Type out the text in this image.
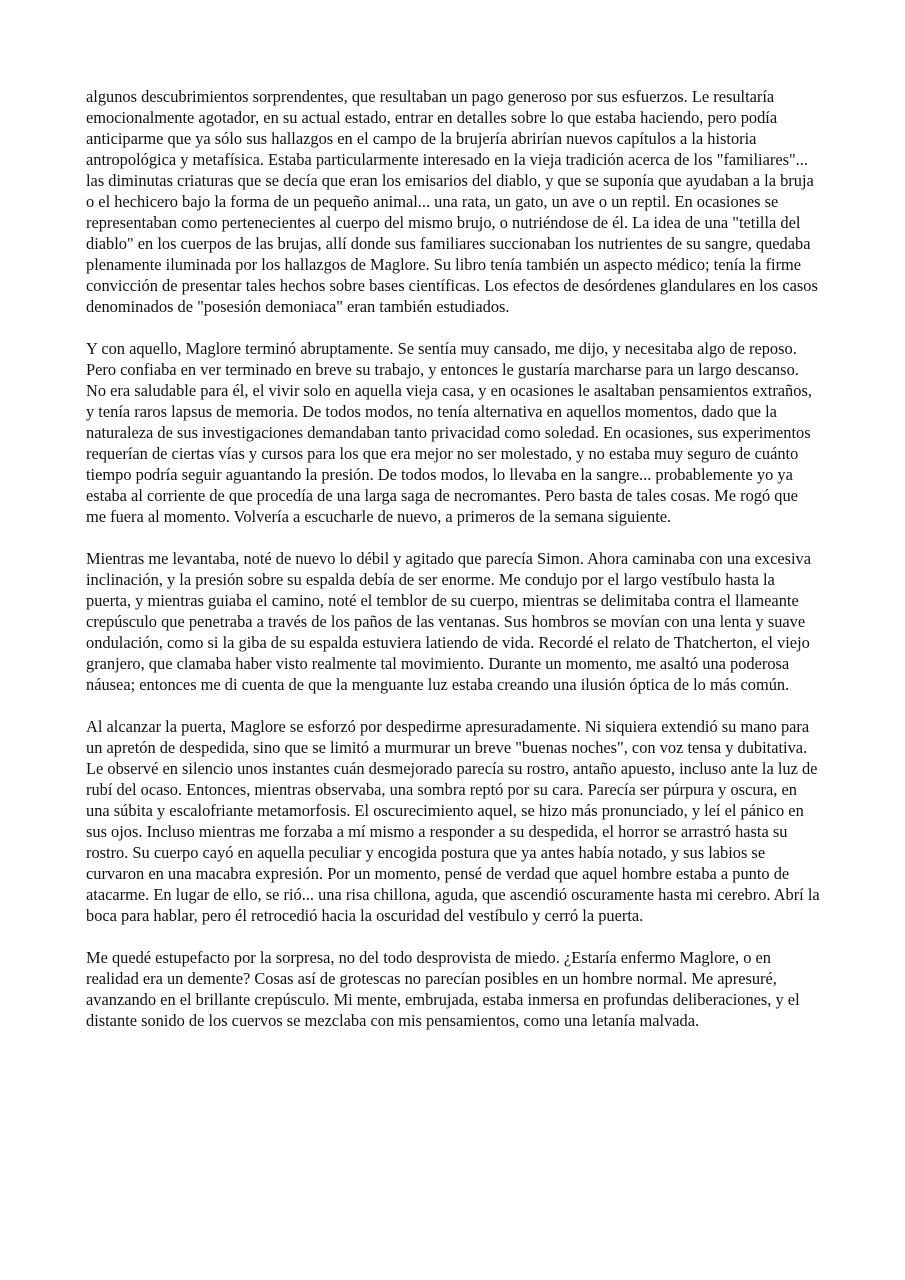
algunos descubrimientos sorprendentes, que resultaban un pago generoso por sus esfuerzos. Le resultaría emocionalmente agotador, en su actual estado, entrar en detalles sobre lo que estaba haciendo, pero podía anticiparme que ya sólo sus hallazgos en el campo de la brujería abrirían nuevos capítulos a la historia antropológica y metafísica. Estaba particularmente interesado en la vieja tradición acerca de los "familiares"... las diminutas criaturas que se decía que eran los emisarios del diablo, y que se suponía que ayudaban a la bruja o el hechicero bajo la forma de un pequeño animal... una rata, un gato, un ave o un reptil. En ocasiones se representaban como pertenecientes al cuerpo del mismo brujo, o nutriéndose de él. La idea de una "tetilla del diablo" en los cuerpos de las brujas, allí donde sus familiares succionaban los nutrientes de su sangre, quedaba plenamente iluminada por los hallazgos de Maglore. Su libro tenía también un aspecto médico; tenía la firme convicción de presentar tales hechos sobre bases científicas. Los efectos de desórdenes glandulares en los casos denominados de "posesión demoniaca" eran también estudiados.

Y con aquello, Maglore terminó abruptamente. Se sentía muy cansado, me dijo, y necesitaba algo de reposo. Pero confiaba en ver terminado en breve su trabajo, y entonces le gustaría marcharse para un largo descanso. No era saludable para él, el vivir solo en aquella vieja casa, y en ocasiones le asaltaban pensamientos extraños, y tenía raros lapsus de memoria. De todos modos, no tenía alternativa en aquellos momentos, dado que la naturaleza de sus investigaciones demandaban tanto privacidad como soledad. En ocasiones, sus experimentos requerían de ciertas vías y cursos para los que era mejor no ser molestado, y no estaba muy seguro de cuánto tiempo podría seguir aguantando la presión. De todos modos, lo llevaba en la sangre... probablemente yo ya estaba al corriente de que procedía de una larga saga de necromantes. Pero basta de tales cosas. Me rogó que me fuera al momento. Volvería a escucharle de nuevo, a primeros de la semana siguiente.

Mientras me levantaba, noté de nuevo lo débil y agitado que parecía Simon. Ahora caminaba con una excesiva inclinación, y la presión sobre su espalda debía de ser enorme. Me condujo por el largo vestíbulo hasta la puerta, y mientras guiaba el camino, noté el temblor de su cuerpo, mientras se delimitaba contra el llameante crepúsculo que penetraba a través de los paños de las ventanas. Sus hombros se movían con una lenta y suave ondulación, como si la giba de su espalda estuviera latiendo de vida. Recordé el relato de Thatcherton, el viejo granjero, que clamaba haber visto realmente tal movimiento. Durante un momento, me asaltó una poderosa náusea; entonces me di cuenta de que la menguante luz estaba creando una ilusión óptica de lo más común.

Al alcanzar la puerta, Maglore se esforzó por despedirme apresuradamente. Ni siquiera extendió su mano para un apretón de despedida, sino que se limitó a murmurar un breve "buenas noches", con voz tensa y dubitativa. Le observé en silencio unos instantes cuán desmejorado parecía su rostro, antaño apuesto, incluso ante la luz de rubí del ocaso. Entonces, mientras observaba, una sombra reptó por su cara. Parecía ser púrpura y oscura, en una súbita y escalofriante metamorfosis. El oscurecimiento aquel, se hizo más pronunciado, y leí el pánico en sus ojos. Incluso mientras me forzaba a mí mismo a responder a su despedida, el horror se arrastró hasta su rostro. Su cuerpo cayó en aquella peculiar y encogida postura que ya antes había notado, y sus labios se curvaron en una macabra expresión. Por un momento, pensé de verdad que aquel hombre estaba a punto de atacarme. En lugar de ello, se rió... una risa chillona, aguda, que ascendió oscuramente hasta mi cerebro. Abrí la boca para hablar, pero él retrocedió hacia la oscuridad del vestíbulo y cerró la puerta.

Me quedé estupefacto por la sorpresa, no del todo desprovista de miedo. ¿Estaría enfermo Maglore, o en realidad era un demente? Cosas así de grotescas no parecían posibles en un hombre normal. Me apresuré, avanzando en el brillante crepúsculo. Mi mente, embrujada, estaba inmersa en profundas deliberaciones, y el distante sonido de los cuervos se mezclaba con mis pensamientos, como una letanía malvada.
